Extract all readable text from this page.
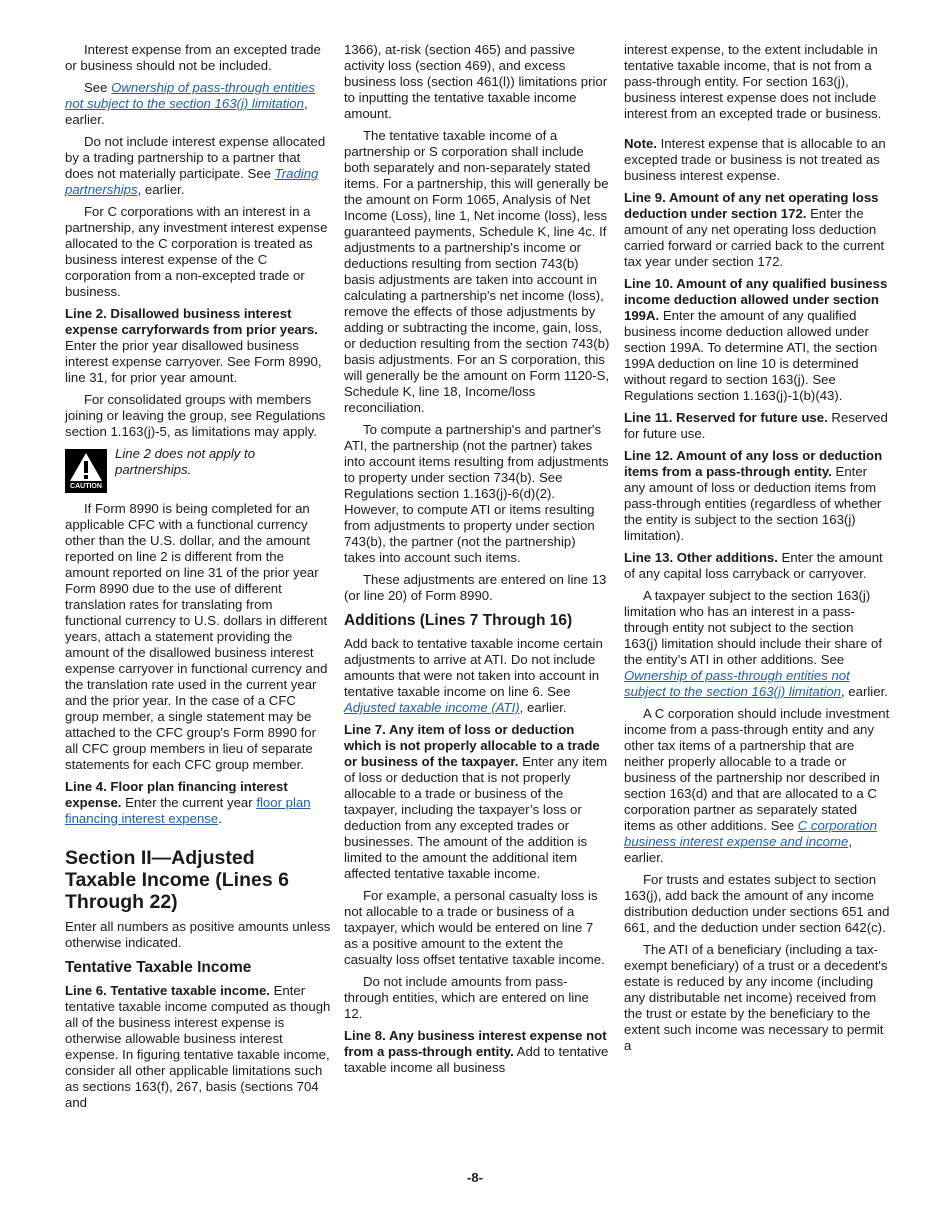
Interest expense from an excepted trade or business should not be included.

See Ownership of pass-through entities not subject to the section 163(j) limitation, earlier.

Do not include interest expense allocated by a trading partnership to a partner that does not materially participate. See Trading partnerships, earlier.

For C corporations with an interest in a partnership, any investment interest expense allocated to the C corporation is treated as business interest expense of the C corporation from a non-excepted trade or business.

Line 2. Disallowed business interest expense carryforwards from prior years. Enter the prior year disallowed business interest expense carryover. See Form 8990, line 31, for prior year amount.

For consolidated groups with members joining or leaving the group, see Regulations section 1.163(j)-5, as limitations may apply.

CAUTION
Line 2 does not apply to partnerships.

If Form 8990 is being completed for an applicable CFC with a functional currency other than the U.S. dollar, and the amount reported on line 2 is different from the amount reported on line 31 of the prior year Form 8990 due to the use of different translation rates for translating from functional currency to U.S. dollars in different years, attach a statement providing the amount of the disallowed business interest expense carryover in functional currency and the translation rate used in the current year and the prior year. In the case of a CFC group member, a single statement may be attached to the CFC group's Form 8990 for all CFC group members in lieu of separate statements for each CFC group member.

Line 4. Floor plan financing interest expense. Enter the current year floor plan financing interest expense.

Section II—Adjusted Taxable Income (Lines 6 Through 22)

Enter all numbers as positive amounts unless otherwise indicated.

Tentative Taxable Income

Line 6. Tentative taxable income. Enter tentative taxable income computed as though all of the business interest expense is otherwise allowable business interest expense. In figuring tentative taxable income, consider all other applicable limitations such as sections 163(f), 267, basis (sections 704 and

1366), at-risk (section 465) and passive activity loss (section 469), and excess business loss (section 461(l)) limitations prior to inputting the tentative taxable income amount.

The tentative taxable income of a partnership or S corporation shall include both separately and non-separately stated items. For a partnership, this will generally be the amount on Form 1065, Analysis of Net Income (Loss), line 1, Net income (loss), less guaranteed payments, Schedule K, line 4c. If adjustments to a partnership's income or deductions resulting from section 743(b) basis adjustments are taken into account in calculating a partnership's net income (loss), remove the effects of those adjustments by adding or subtracting the income, gain, loss, or deduction resulting from the section 743(b) basis adjustments. For an S corporation, this will generally be the amount on Form 1120-S, Schedule K, line 18, Income/loss reconciliation.

To compute a partnership's and partner's ATI, the partnership (not the partner) takes into account items resulting from adjustments to property under section 734(b). See Regulations section 1.163(j)-6(d)(2). However, to compute ATI or items resulting from adjustments to property under section 743(b), the partner (not the partnership) takes into account such items.

These adjustments are entered on line 13 (or line 20) of Form 8990.

Additions (Lines 7 Through 16)

Add back to tentative taxable income certain adjustments to arrive at ATI. Do not include amounts that were not taken into account in tentative taxable income on line 6. See Adjusted taxable income (ATI), earlier.

Line 7. Any item of loss or deduction which is not properly allocable to a trade or business of the taxpayer. Enter any item of loss or deduction that is not properly allocable to a trade or business of the taxpayer, including the taxpayer’s loss or deduction from any excepted trades or businesses. The amount of the addition is limited to the amount the additional item affected tentative taxable income.

For example, a personal casualty loss is not allocable to a trade or business of a taxpayer, which would be entered on line 7 as a positive amount to the extent the casualty loss offset tentative taxable income.

Do not include amounts from pass-through entities, which are entered on line 12.

Line 8. Any business interest expense not from a pass-through entity. Add to tentative taxable income all business

interest expense, to the extent includable in tentative taxable income, that is not from a pass-through entity. For section 163(j), business interest expense does not include interest from an excepted trade or business.

Note. Interest expense that is allocable to an excepted trade or business is not treated as business interest expense.

Line 9. Amount of any net operating loss deduction under section 172. Enter the amount of any net operating loss deduction carried forward or carried back to the current tax year under section 172.

Line 10. Amount of any qualified business income deduction allowed under section 199A. Enter the amount of any qualified business income deduction allowed under section 199A. To determine ATI, the section 199A deduction on line 10 is determined without regard to section 163(j). See Regulations section 1.163(j)-1(b)(43).

Line 11. Reserved for future use. Reserved for future use.

Line 12. Amount of any loss or deduction items from a pass-through entity. Enter any amount of loss or deduction items from pass-through entities (regardless of whether the entity is subject to the section 163(j) limitation).

Line 13. Other additions. Enter the amount of any capital loss carryback or carryover.

A taxpayer subject to the section 163(j) limitation who has an interest in a pass-through entity not subject to the section 163(j) limitation should include their share of the entity’s ATI in other additions. See Ownership of pass-through entities not subject to the section 163(j) limitation, earlier.

A C corporation should include investment income from a pass-through entity and any other tax items of a partnership that are neither properly allocable to a trade or business of the partnership nor described in section 163(d) and that are allocated to a C corporation partner as separately stated items as other additions. See C corporation business interest expense and income, earlier.

For trusts and estates subject to section 163(j), add back the amount of any income distribution deduction under sections 651 and 661, and the deduction under section 642(c).

The ATI of a beneficiary (including a tax-exempt beneficiary) of a trust or a decedent's estate is reduced by any income (including any distributable net income) received from the trust or estate by the beneficiary to the extent such income was necessary to permit a

-8-
